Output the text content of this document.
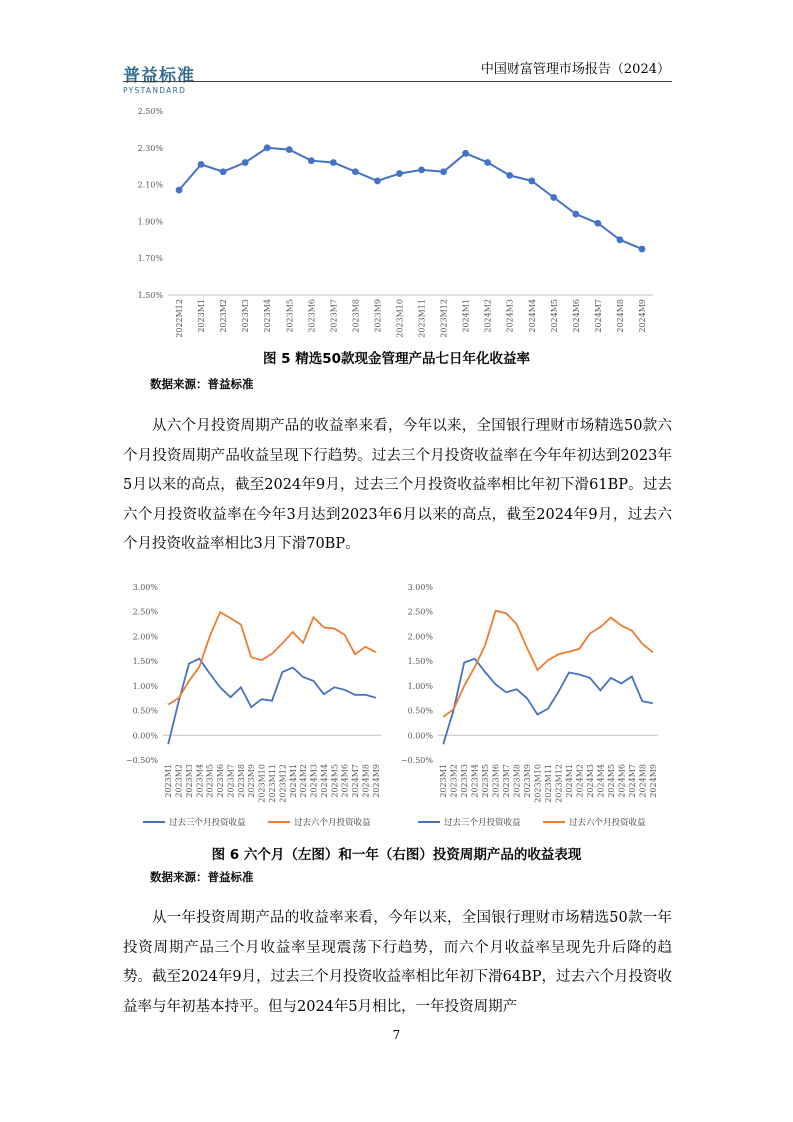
普益标准
PYSTANDARD
中国财富管理市场报告（2024）
1.50%
1.70%
1.90%
2.10%
2.30%
2.50%
2022M12 2023M1 2023M2 2023M3 2023M4 2023M5 2023M6 2023M7 2023M8 2023M9 2023M10 2023M11 2023M12 2024M1 2024M2 2024M3 2024M4 2024M5 2024M6 2024M7 2024M8 2024M9
图 5 精选50款现金管理产品七日年化收益率
数据来源：普益标准

从六个月投资周期产品的收益率来看，今年以来，全国银行理财市场精选50款六个月投资周期产品收益呈现下行趋势。过去三个月投资收益率在今年年初达到2023年5月以来的高点，截至2024年9月，过去三个月投资收益率相比年初下滑61BP。过去六个月投资收益率在今年3月达到2023年6月以来的高点，截至2024年9月，过去六个月投资收益率相比3月下滑70BP。

−0.50%
0.00%
0.50%
1.00%
1.50%
2.00%
2.50%
3.00%
2023M1 2023M2 2023M3 2023M4 2023M5 2023M6 2023M7 2023M8 2023M9 2023M10 2023M11 2023M12 2024M1 2024M2 2024M3 2024M4 2024M5 2024M6 2024M7 2024M8 2024M9
过去三个月投资收益	过去六个月投资收益
−0.50%
0.00%
0.50%
1.00%
1.50%
2.00%
2.50%
3.00%
2023M1 2023M2 2023M3 2023M4 2023M5 2023M6 2023M7 2023M8 2023M9 2023M10 2023M11 2023M12 2024M1 2024M2 2024M3 2024M4 2024M5 2024M6 2024M7 2024M8 2024M9
过去三个月投资收益	过去六个月投资收益
图 6 六个月（左图）和一年（右图）投资周期产品的收益表现
数据来源：普益标准

从一年投资周期产品的收益率来看，今年以来，全国银行理财市场精选50款一年投资周期产品三个月收益率呈现震荡下行趋势，而六个月收益率呈现先升后降的趋势。截至2024年9月，过去三个月投资收益率相比年初下滑64BP，过去六个月投资收益率与年初基本持平。但与2024年5月相比，一年投资周期产

7
